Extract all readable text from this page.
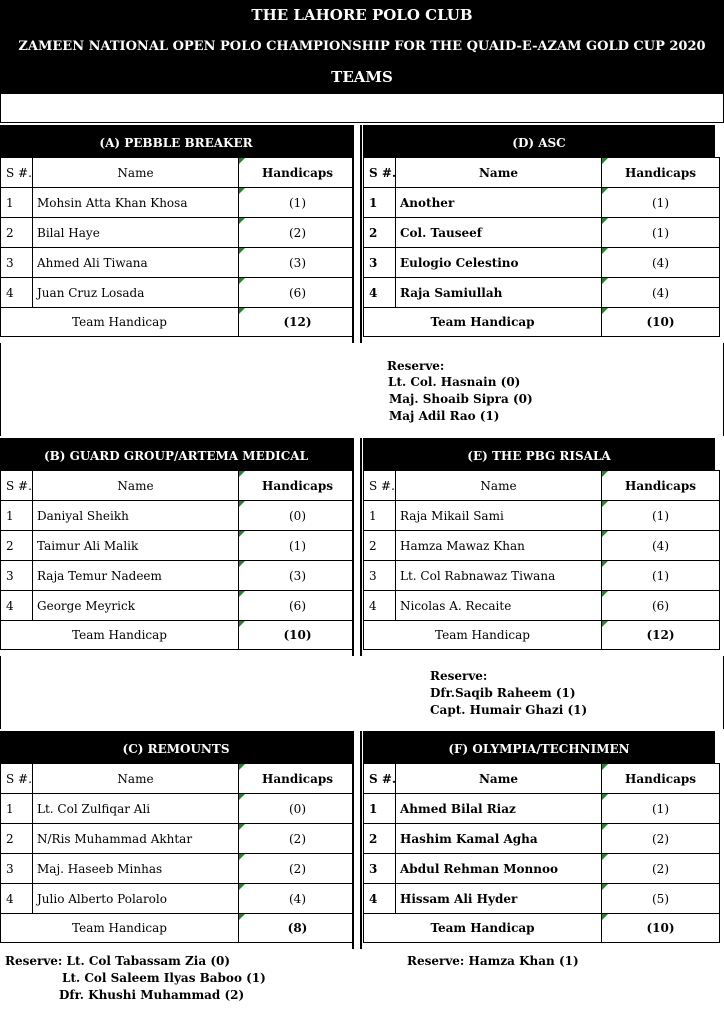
THE LAHORE POLO CLUB
ZAMEEN NATIONAL OPEN POLO CHAMPIONSHIP FOR THE QUAID-E-AZAM GOLD CUP 2020
TEAMS
(A) PEBBLE BREAKER
S #.	Name	Handicaps
1	Mohsin Atta Khan Khosa	(1)
2	Bilal Haye	(2)
3	Ahmed Ali Tiwana	(3)
4	Juan Cruz Losada	(6)
Team Handicap		(12)
(D) ASC
S #.	Name	Handicaps
1	Another	(1)
2	Col. Tauseef	(1)
3	Eulogio Celestino	(4)
4	Raja Samiullah	(4)
Team Handicap		(10)
(B) GUARD GROUP/ARTEMA MEDICAL
S #.	Name	Handicaps
1	Daniyal Sheikh	(0)
2	Taimur Ali Malik	(1)
3	Raja Temur Nadeem	(3)
4	George Meyrick	(6)
Team Handicap		(10)
(E) THE PBG RISALA
S #.	Name	Handicaps
1	Raja Mikail Sami	(1)
2	Hamza Mawaz Khan	(4)
3	Lt. Col Rabnawaz Tiwana	(1)
4	Nicolas A. Recaite	(6)
Team Handicap		(12)
(C) REMOUNTS
S #.	Name	Handicaps
1	Lt. Col Zulfiqar Ali	(0)
2	N/Ris Muhammad Akhtar	(2)
3	Maj. Haseeb Minhas	(2)
4	Julio Alberto Polarolo	(4)
Team Handicap		(8)
(F) OLYMPIA/TECHNIMEN
S #.	Name	Handicaps
1	Ahmed Bilal Riaz	(1)
2	Hashim Kamal Agha	(2)
3	Abdul Rehman Monnoo	(2)
4	Hissam Ali Hyder	(5)
Team Handicap		(10)
Reserve:
Lt. Col. Hasnain (0)
Maj. Shoaib Sipra (0)
Maj Adil Rao (1)
Reserve:
Dfr.Saqib Raheem (1)
Capt. Humair Ghazi (1)
Reserve: Lt. Col Tabassam Zia (0)
Lt. Col Saleem Ilyas Baboo (1)
Dfr. Khushi Muhammad (2)
Reserve: Hamza Khan (1)
